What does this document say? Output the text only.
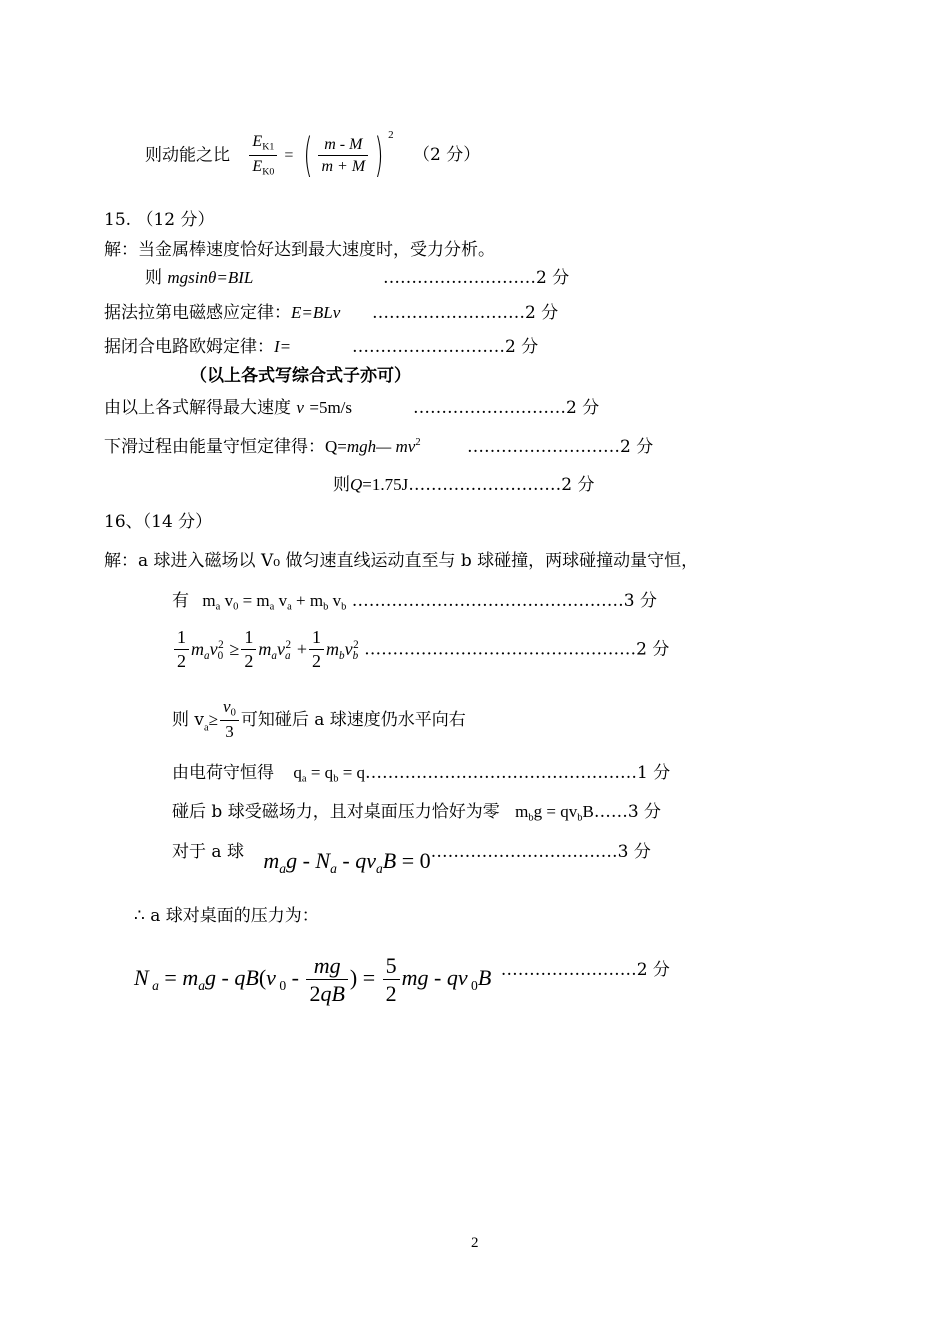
则动能之比 $\frac{E_{K1}}{E_{K0}}$ = ( $\frac{m - M}{m + M}$ ) $^2$ （2 分）
15. （12 分）
解：当金属棒速度恰好达到最大速度时，受力分析。
则 mgsinθ=BIL	………………………2 分
据法拉第电磁感应定律：E=BLv ………………………2 分
据闭合电路欧姆定律：I=	………………………2 分
（以上各式写综合式子亦可）
由以上各式解得最大速度 v =5m/s	………………………2 分
下滑过程由能量守恒定律得：Q=mgh— $mv^2$	………………………2 分
则Q=1.75J………………………2 分
16、（14 分）
解：a 球进入磁场以 V₀ 做匀速直线运动直至与 b 球碰撞，两球碰撞动量守恒，
有 $m_a$ $v_0 = m_a$ $v_a + m_b$ $v_b$ …………………………………………3 分
$\frac{1}{2} m_av_0^2 \ge \frac{1}{2} m_av_a^2 + \frac{1}{2} m_bv_b^2$ …………………………………………2 分
则 $v_a\ge \frac{v_0}{3}$ 可知碰后 a 球速度仍水平向右
由电荷守恒得 $q_a = q_b$ = q…………………………………………1 分
碰后 b 球受磁场力，且对桌面压力恰好为零 $m_bg$ = $qv_bB\dots\dots 3$ 分
对于 a 球 $m_ag - N_a - qv_aB$ = 0……………………………3 分
∴ a 球对桌面的压力为：
N $_a = m_ag - qB(v$ $_0 - \frac{mg}{2qB}$ ) = $\frac{5}{2}$ mg - qv $_0$B ……………………2 分
2
